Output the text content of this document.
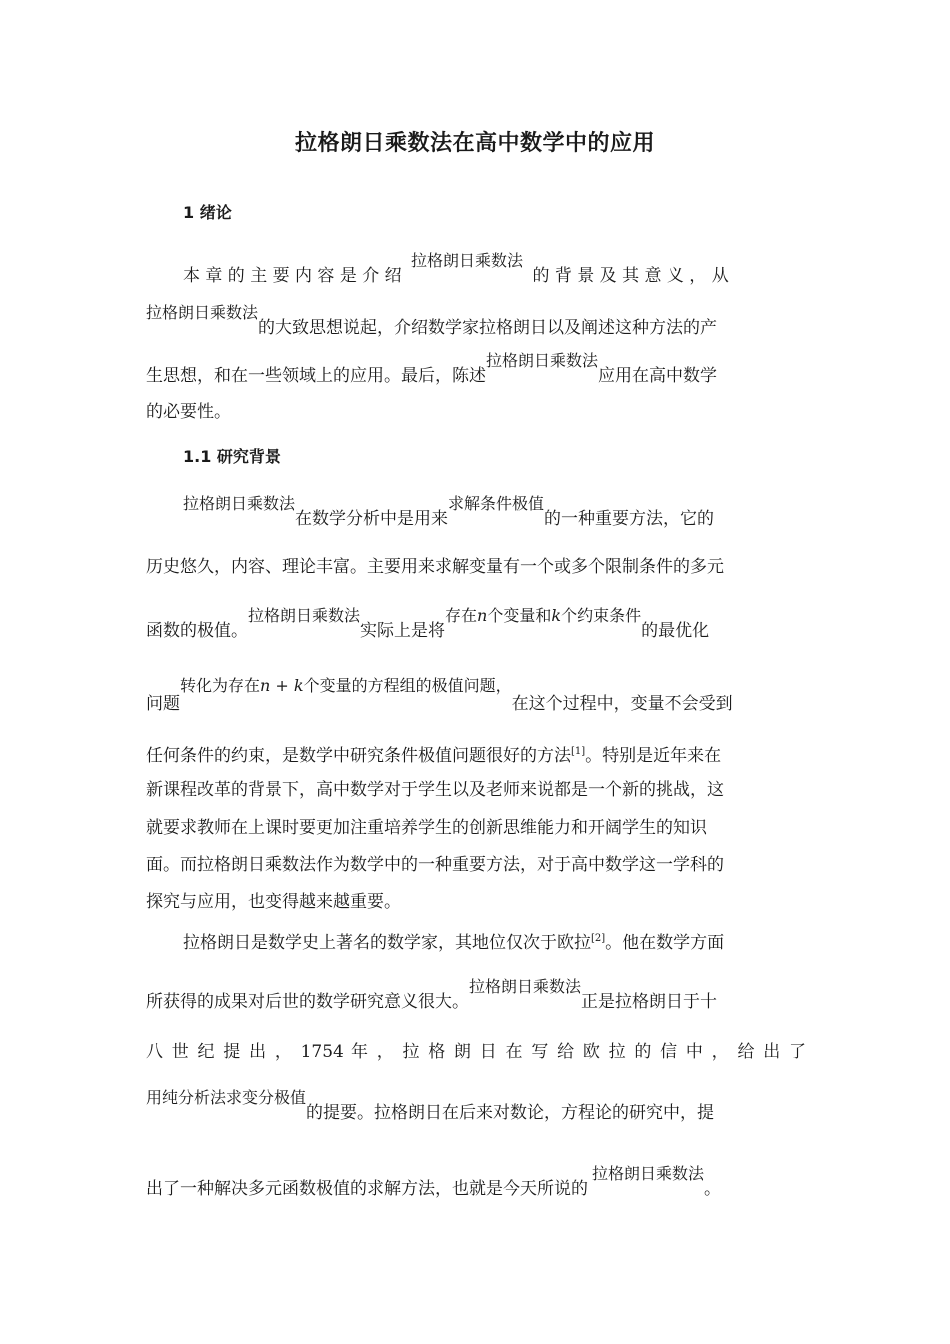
拉格朗日乘数法在高中数学中的应用
1 绪论
本 章 的 主 要 内 容 是 介 绍 拉格朗日乘数法 的 背 景 及 其 意 义 ， 从
拉格朗日乘数法的大致思想说起，介绍数学家拉格朗日以及阐述这种方法的产
生思想，和在一些领域上的应用。最后，陈述拉格朗日乘数法应用在高中数学
的必要性。
1.1 研究背景
拉格朗日乘数法在数学分析中是用来求解条件极值的一种重要方法，它的
历史悠久，内容、理论丰富。主要用来求解变量有一个或多个限制条件的多元
函数的极值。拉格朗日乘数法实际上是将存在n个变量和k个约束条件的最优化
问题转化为存在n + k个变量的方程组的极值问题，在这个过程中，变量不会受到
任何条件的约束，是数学中研究条件极值问题很好的方法[1]。特别是近年来在
新课程改革的背景下，高中数学对于学生以及老师来说都是一个新的挑战，这
就要求教师在上课时要更加注重培养学生的创新思维能力和开阔学生的知识
面。而拉格朗日乘数法作为数学中的一种重要方法，对于高中数学这一学科的
探究与应用，也变得越来越重要。
拉格朗日是数学史上著名的数学家，其地位仅次于欧拉[2]。他在数学方面
所获得的成果对后世的数学研究意义很大。拉格朗日乘数法正是拉格朗日于十
八 世 纪 提 出 ， 1754 年 ， 拉 格 朗 日 在 写 给 欧 拉 的 信 中 ， 给 出 了
用纯分析法求变分极值的提要。拉格朗日在后来对数论，方程论的研究中，提
出了一种解决多元函数极值的求解方法，也就是今天所说的拉格朗日乘数法。
